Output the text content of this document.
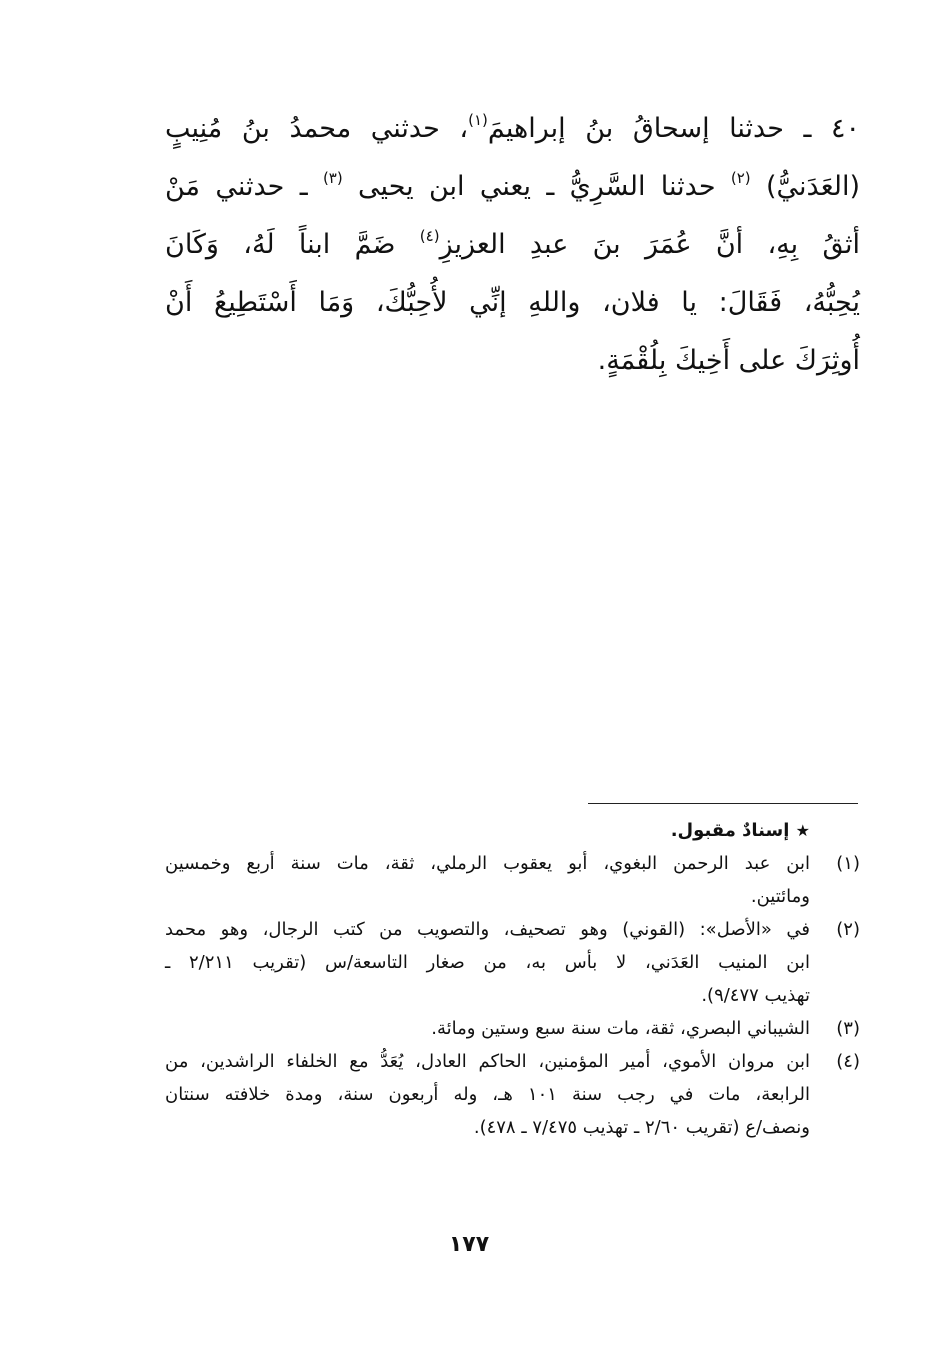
٤٠ ـ حدثنا إسحاقُ بنُ إبراهيمَ$^{(١)}$، حدثني محمدُ بنُ مُنِيبٍ
(العَدَنيُّ) $^{(٢)}$ حدثنا السَّرِيُّ ـ يعني ابن يحيى $^{(٣)}$ ـ حدثني مَنْ
أثقُ بِهِ، أنَّ عُمَرَ بنَ عبدِ العزيزِ$^{(٤)}$ ضَمَّ ابناً لَهُ، وَكَانَ
يُحِبُّهُ، فَقَالَ: يا فلان، واللهِ إنِّي لأُحِبُّكَ، وَمَا أَسْتَطِيعُ أَنْ
أُوثِرَكَ على أَخِيكَ بِلُقْمَةٍ.
★ إسنادٌ مقبول.
(١)
ابن عبد الرحمن البغوي، أبو يعقوب الرملي، ثقة، مات سنة أربع وخمسين
ومائتين.
(٢)
في «الأصل»: (القوني) وهو تصحيف، والتصويب من كتب الرجال، وهو محمد
ابن المنيب العَدَني، لا بأس به، من صغار التاسعة/س (تقريب ٢/٢١١ ـ
تهذيب ٩/٤٧٧).
(٣)
الشيباني البصري، ثقة، مات سنة سبع وستين ومائة.
(٤)
ابن مروان الأموي، أمير المؤمنين، الحاكم العادل، يُعَدُّ مع الخلفاء الراشدين، من
الرابعة، مات في رجب سنة ١٠١ هـ، وله أربعون سنة، ومدة خلافته سنتان
ونصف/ع (تقريب ٢/٦٠ ـ تهذيب ٧/٤٧٥ ـ ٤٧٨).
١٧٧
